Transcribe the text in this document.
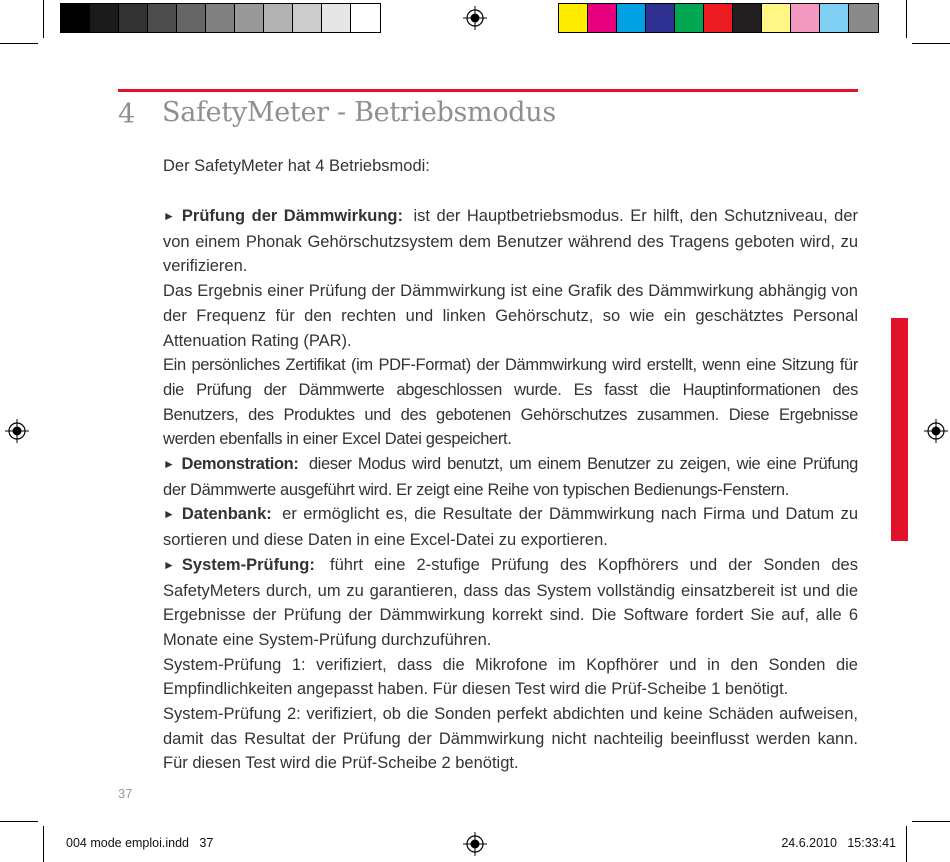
4 SafetyMeter - Betriebsmodus
Der SafetyMeter hat 4 Betriebsmodi:

► Prüfung der Dämmwirkung: ist der Hauptbetriebsmodus. Er hilft, den Schutzniveau, der von einem Phonak Gehörschutzsystem dem Benutzer während des Tragens geboten wird, zu verifizieren.

Das Ergebnis einer Prüfung der Dämmwirkung ist eine Grafik des Dämmwirkung abhängig von der Frequenz für den rechten und linken Gehörschutz, so wie ein geschätztes Personal Attenuation Rating (PAR).

Ein persönliches Zertifikat (im PDF-Format) der Dämmwirkung wird erstellt, wenn eine Sitzung für die Prüfung der Dämmwerte abgeschlossen wurde. Es fasst die Hauptinformationen des Benutzers, des Produktes und des gebotenen Gehörschutzes zusammen. Diese Ergebnisse werden ebenfalls in einer Excel Datei gespeichert.

► Demonstration: dieser Modus wird benutzt, um einem Benutzer zu zeigen, wie eine Prüfung der Dämmwerte ausgeführt wird. Er zeigt eine Reihe von typischen Bedienungs-Fenstern.

► Datenbank: er ermöglicht es, die Resultate der Dämmwirkung nach Firma und Datum zu sortieren und diese Daten in eine Excel-Datei zu exportieren.

► System-Prüfung: führt eine 2-stufige Prüfung des Kopfhörers und der Sonden des SafetyMeters durch, um zu garantieren, dass das System vollständig einsatzbereit ist und die Ergebnisse der Prüfung der Dämmwirkung korrekt sind. Die Software fordert Sie auf, alle 6 Monate eine System-Prüfung durchzuführen.

System-Prüfung 1: verifiziert, dass die Mikrofone im Kopfhörer und in den Sonden die Empfindlichkeiten angepasst haben. Für diesen Test wird die Prüf-Scheibe 1 benötigt.

System-Prüfung 2: verifiziert, ob die Sonden perfekt abdichten und keine Schäden aufweisen, damit das Resultat der Prüfung der Dämmwirkung nicht nachteilig beeinflusst werden kann. Für diesen Test wird die Prüf-Scheibe 2 benötigt.

37
004 mode emploi.indd   37	24.6.2010   15:33:41
